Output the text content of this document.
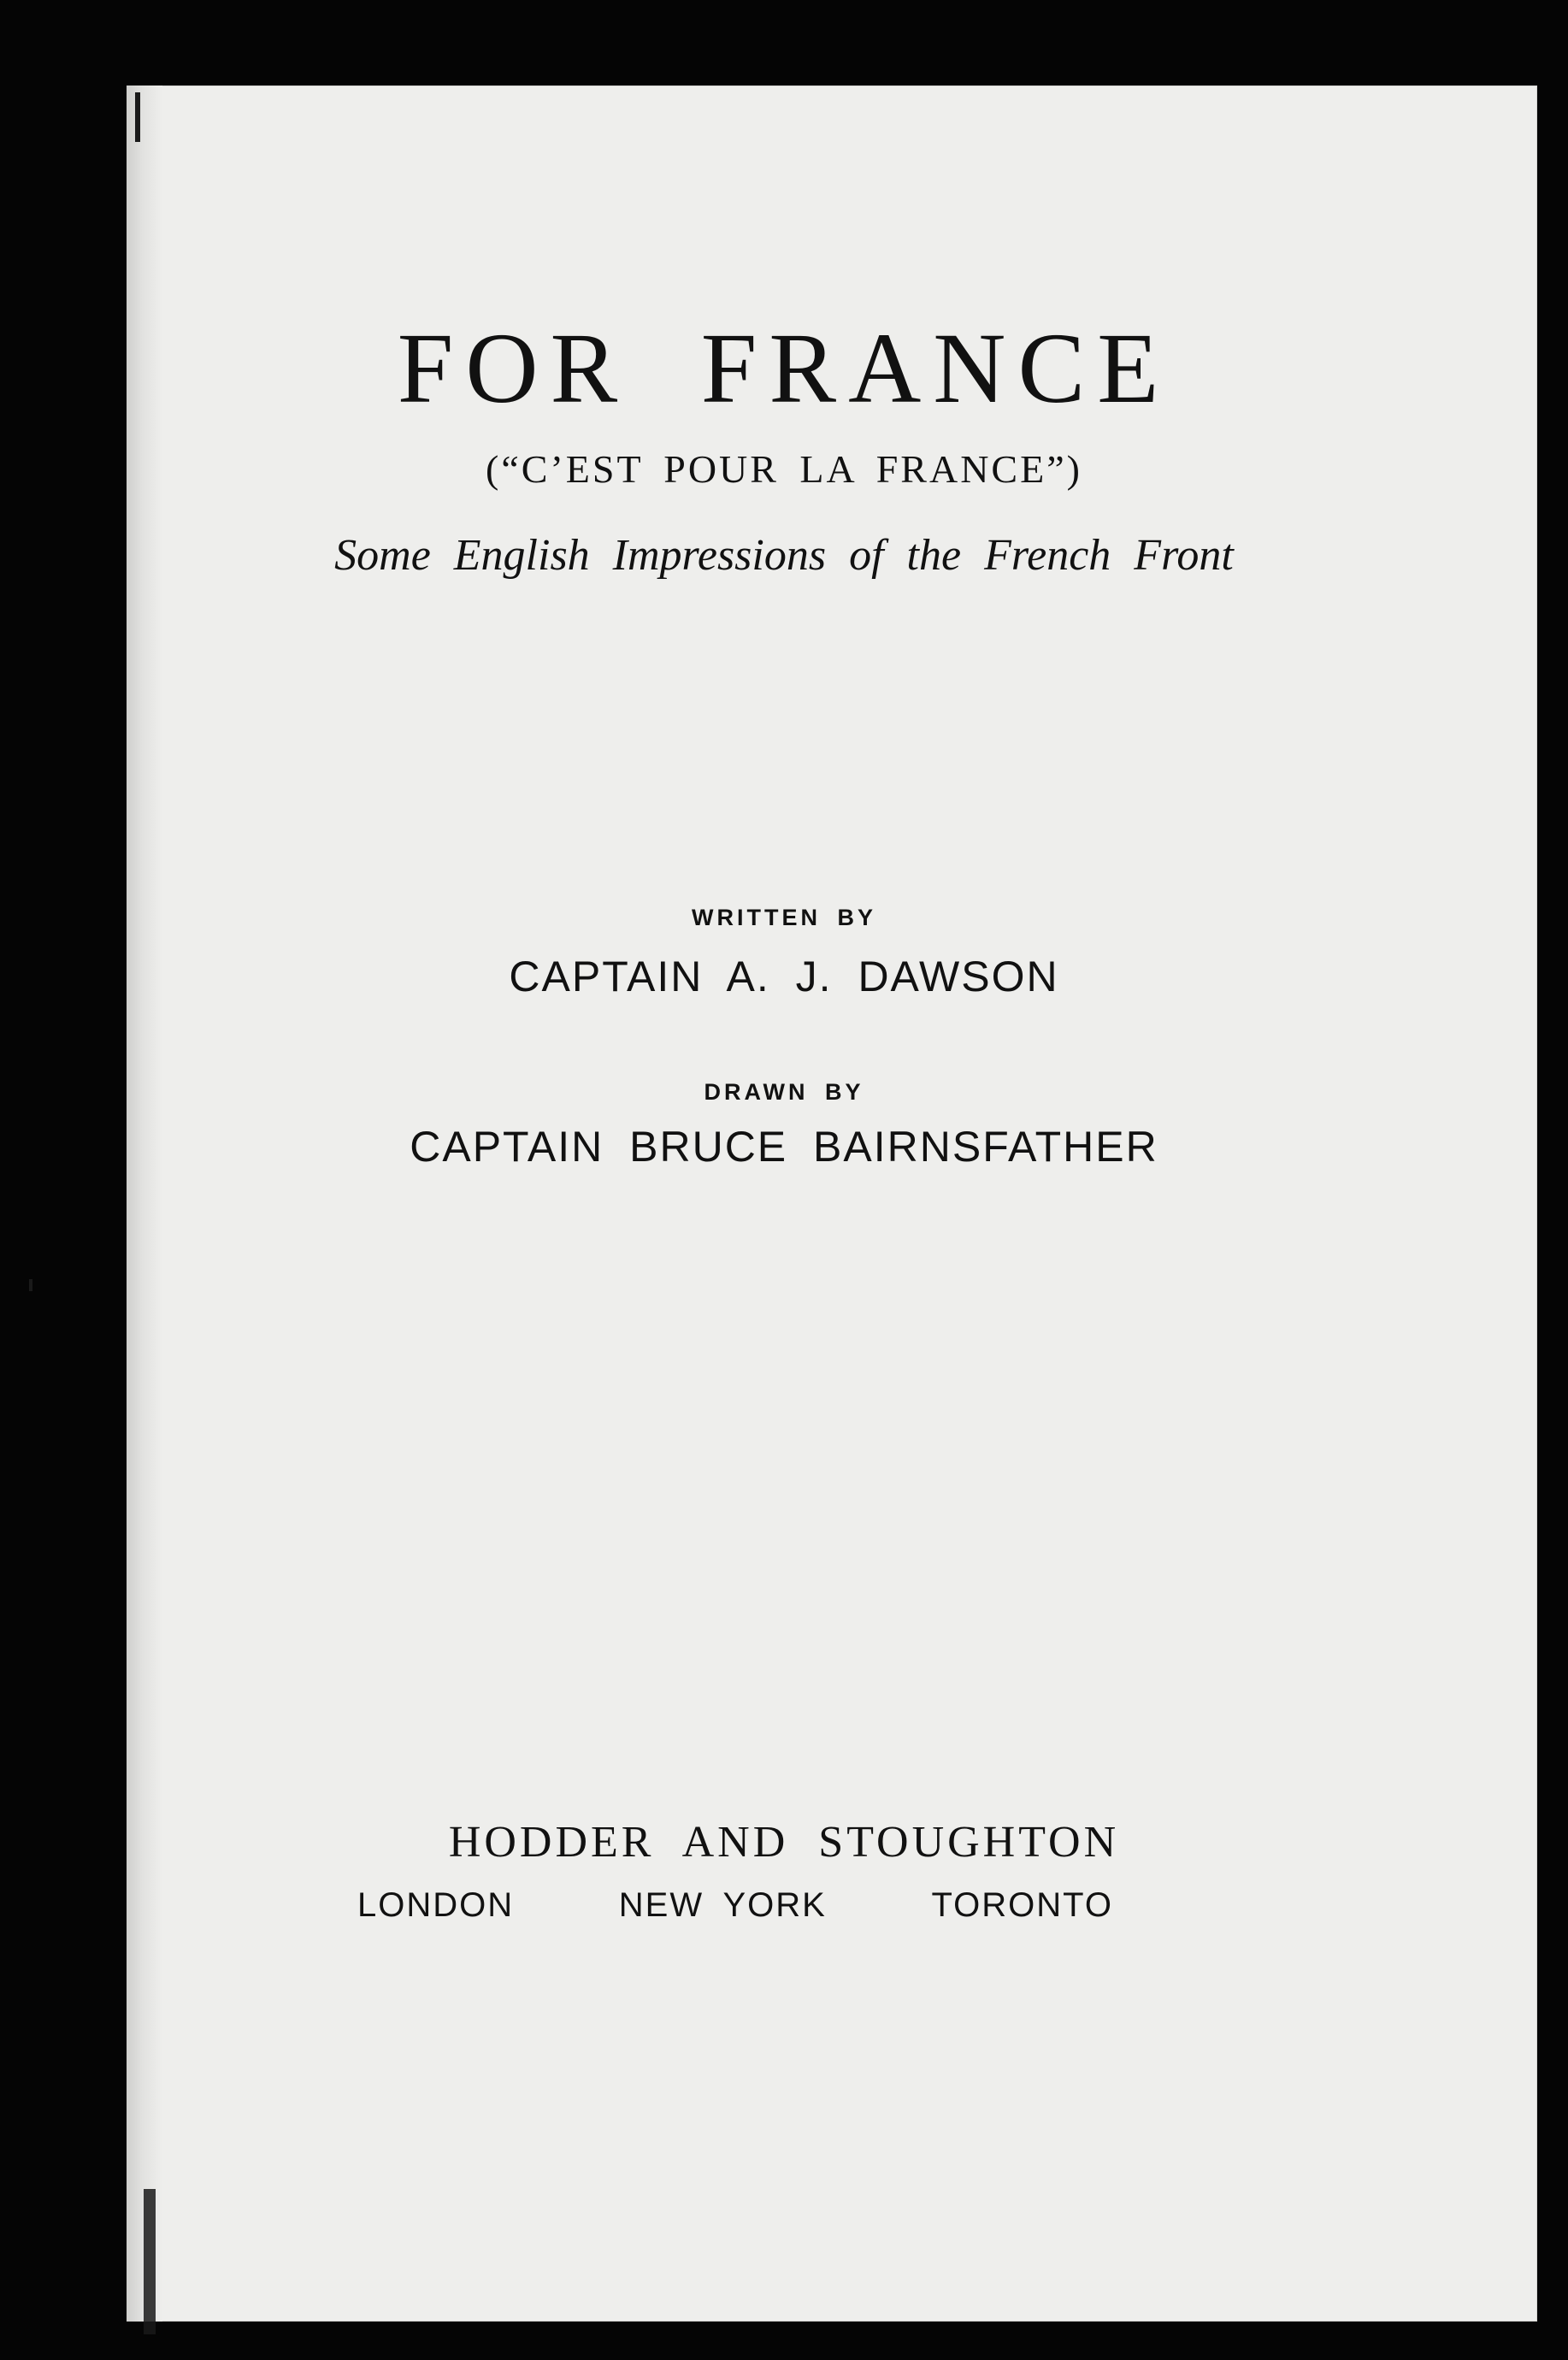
FOR FRANCE

(“C’EST POUR LA FRANCE”)

Some English Impressions of the French Front

WRITTEN BY

CAPTAIN A. J. DAWSON

DRAWN BY

CAPTAIN BRUCE BAIRNSFATHER

HODDER AND STOUGHTON

LONDON	NEW YORK	TORONTO
